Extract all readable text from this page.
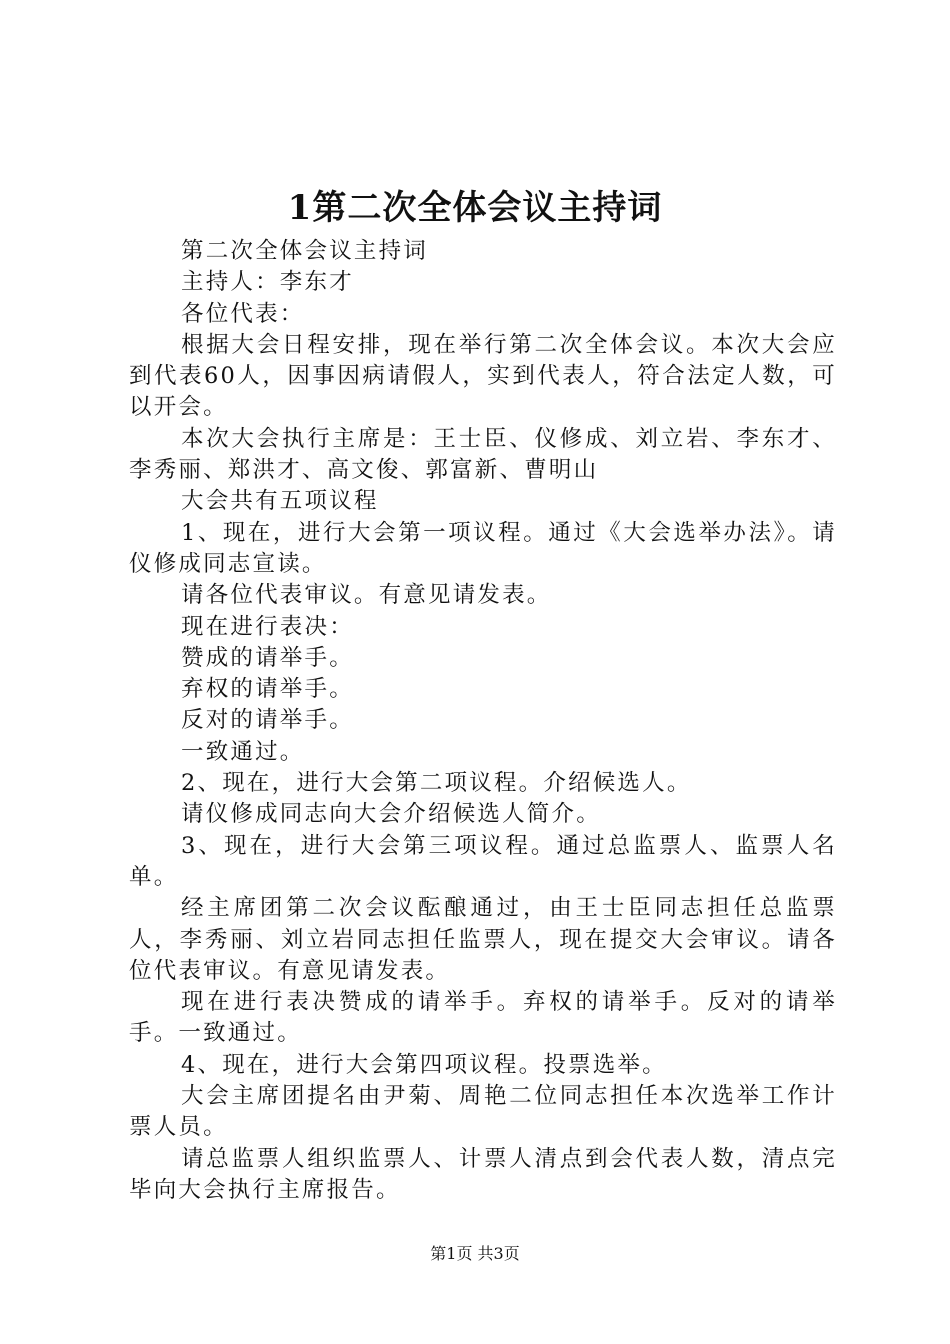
1第二次全体会议主持词

第二次全体会议主持词

主持人：李东才

各位代表：

根据大会日程安排，现在举行第二次全体会议。本次大会应到代表60人，因事因病请假人，实到代表人，符合法定人数，可以开会。

本次大会执行主席是：王士臣、仪修成、刘立岩、李东才、李秀丽、郑洪才、高文俊、郭富新、曹明山

大会共有五项议程

1、现在，进行大会第一项议程。通过《大会选举办法》。请仪修成同志宣读。

请各位代表审议。有意见请发表。

现在进行表决：

赞成的请举手。

弃权的请举手。

反对的请举手。

一致通过。

2、现在，进行大会第二项议程。介绍候选人。

请仪修成同志向大会介绍候选人简介。

3、现在，进行大会第三项议程。通过总监票人、监票人名单。

经主席团第二次会议酝酿通过，由王士臣同志担任总监票人，李秀丽、刘立岩同志担任监票人，现在提交大会审议。请各位代表审议。有意见请发表。

现在进行表决赞成的请举手。弃权的请举手。反对的请举手。一致通过。

4、现在，进行大会第四项议程。投票选举。

大会主席团提名由尹菊、周艳二位同志担任本次选举工作计票人员。

请总监票人组织监票人、计票人清点到会代表人数，清点完毕向大会执行主席报告。

第1页 共3页
